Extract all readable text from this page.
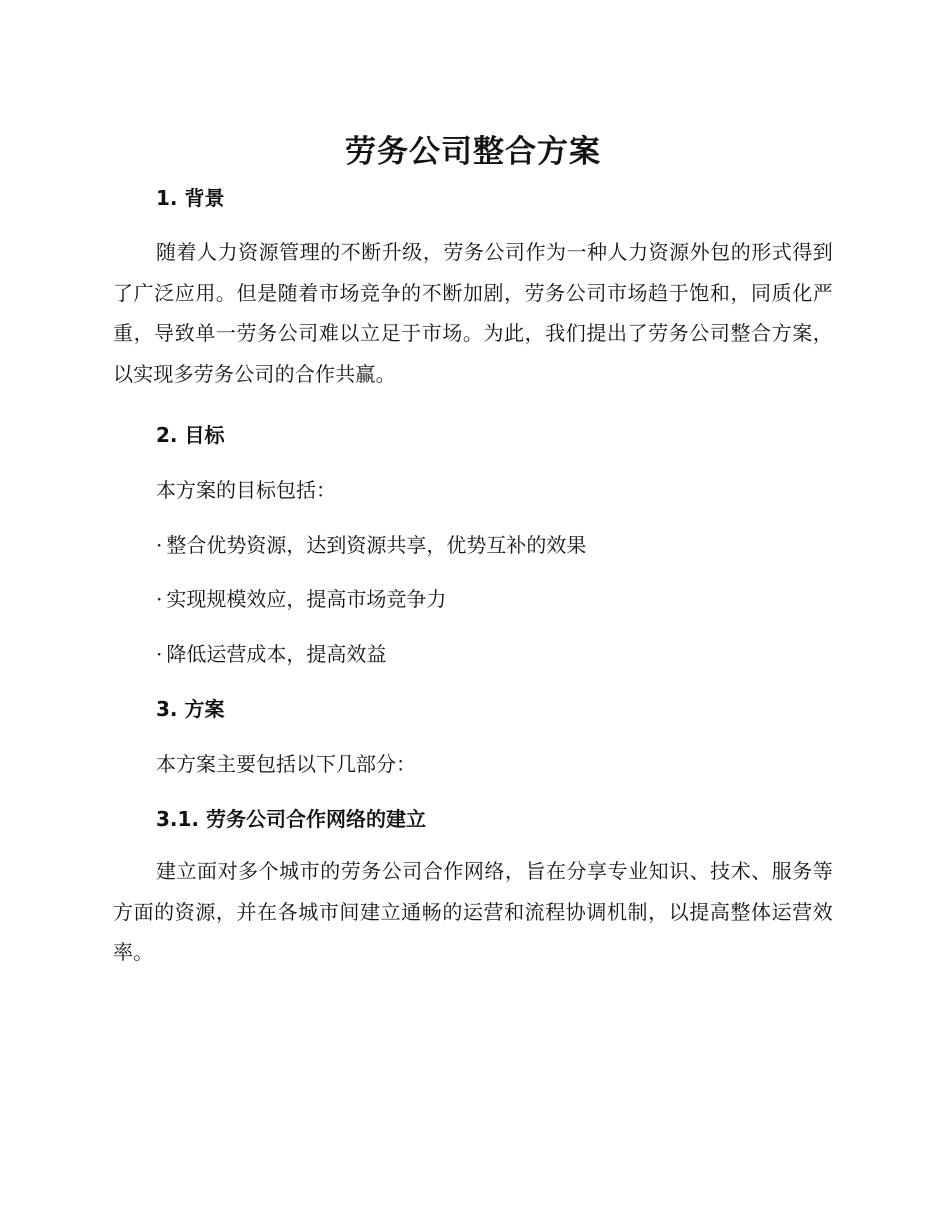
劳务公司整合方案
1. 背景

随着人力资源管理的不断升级，劳务公司作为一种人力资源外包的形式得到了广泛应用。但是随着市场竞争的不断加剧，劳务公司市场趋于饱和，同质化严重，导致单一劳务公司难以立足于市场。为此，我们提出了劳务公司整合方案，以实现多劳务公司的合作共赢。

2. 目标

本方案的目标包括：

· 整合优势资源，达到资源共享，优势互补的效果

· 实现规模效应，提高市场竞争力

· 降低运营成本，提高效益

3. 方案

本方案主要包括以下几部分：

3.1. 劳务公司合作网络的建立

建立面对多个城市的劳务公司合作网络，旨在分享专业知识、技术、服务等方面的资源，并在各城市间建立通畅的运营和流程协调机制，以提高整体运营效率。
